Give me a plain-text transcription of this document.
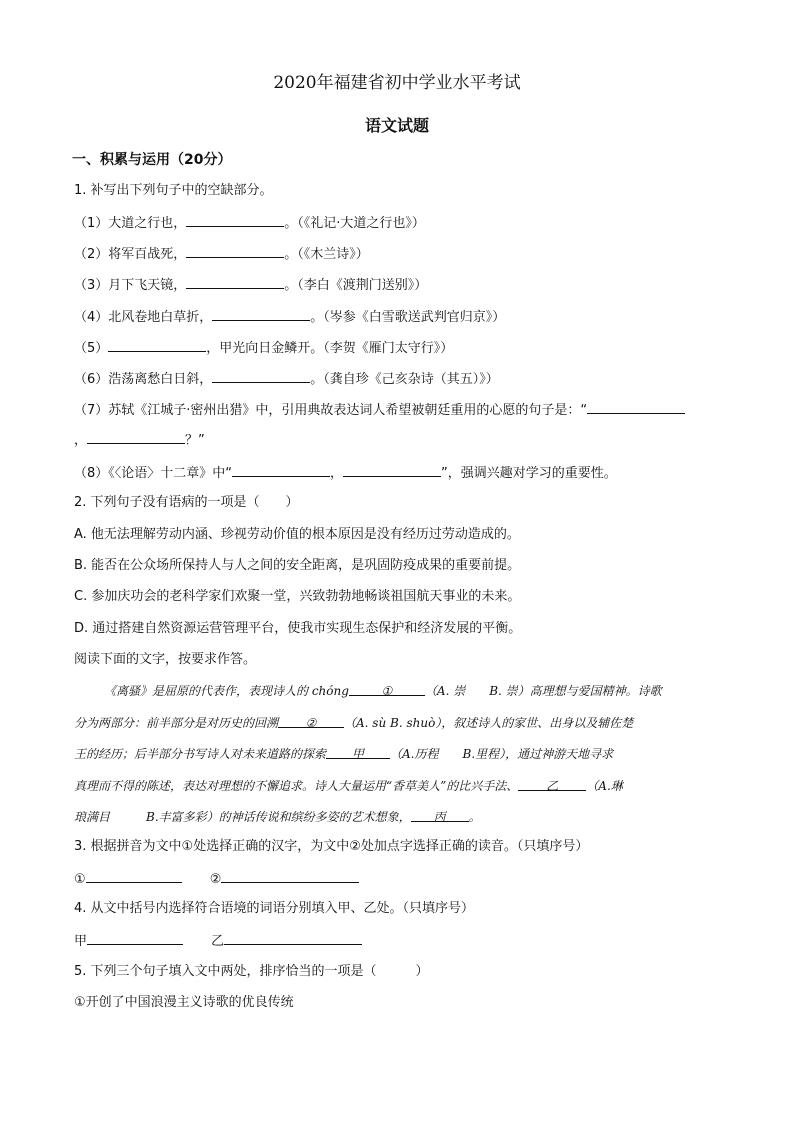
2020年福建省初中学业水平考试
语文试题
一、积累与运用（20分）
1. 补写出下列句子中的空缺部分。
（1）大道之行也，	。（《礼记·大道之行也》）
（2）将军百战死，	。（《木兰诗》）
（3）月下飞天镜，	。（李白《渡荆门送别》）
（4）北风卷地白草折，	。（岑参《白雪歌送武判官归京》）
（5）	，甲光向日金鳞开。（李贺《雁门太守行》）
（6）浩荡离愁白日斜，	。（龚自珍《己亥杂诗（其五）》）
（7）苏轼《江城子·密州出猎》中，引用典故表达词人希望被朝廷重用的心愿的句子是：“
，	？”
（8）《〈论语〉十二章》中“	，	”，强调兴趣对学习的重要性。
2. 下列句子没有语病的一项是（　　）
A. 他无法理解劳动内涵、珍视劳动价值的根本原因是没有经历过劳动造成的。
B. 能否在公众场所保持人与人之间的安全距离，是巩固防疫成果的重要前提。
C. 参加庆功会的老科学家们欢聚一堂，兴致勃勃地畅谈祖国航天事业的未来。
D. 通过搭建自然资源运营管理平台，使我市实现生态保护和经济发展的平衡。
阅读下面的文字，按要求作答。
《离骚》是屈原的代表作，表现诗人的 chóng	①	（A. 崇　　B. 崇）高理想与爱国精神。诗歌
分为两部分：前半部分是对历史的回溯 ② （A. sù B. shuò），叙述诗人的家世、出身以及辅佐楚
王的经历；后半部分书写诗人对未来道路的探索 甲 （A.历程　　B.里程），通过神游天地寻求
真理而不得的陈述，表达对理想的不懈追求。诗人大量运用“香草美人”的比兴手法、 乙 （A.琳
琅满目　　　B.丰富多彩）的神话传说和缤纷多姿的艺术想象， 丙 。
3. 根据拼音为文中①处选择正确的汉字，为文中②处加点字选择正确的读音。（只填序号）
①	②
4. 从文中括号内选择符合语境的词语分别填入甲、乙处。（只填序号）
甲	乙
5. 下列三个句子填入文中两处，排序恰当的一项是（　　　）
①开创了中国浪漫主义诗歌的优良传统
